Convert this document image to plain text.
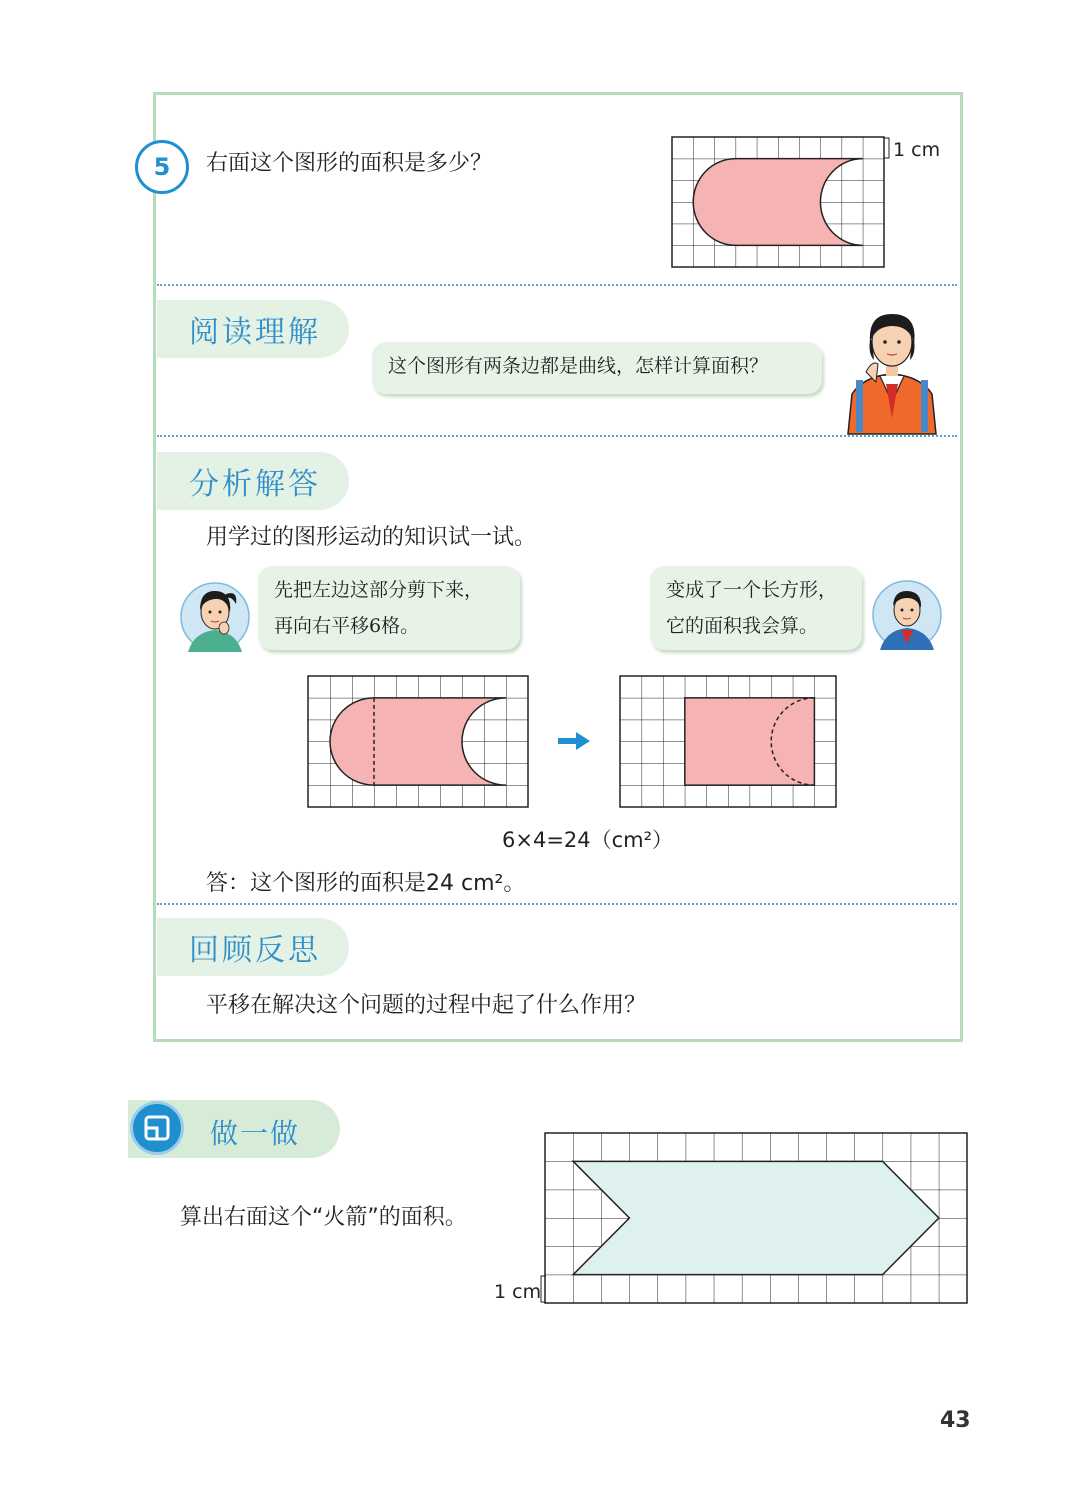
5	右面这个图形的面积是多少？
1 cm
阅读理解
这个图形有两条边都是曲线，怎样计算面积？
分析解答
用学过的图形运动的知识试一试。
先把左边这部分剪下来，
再向右平移6格。
变成了一个长方形，
它的面积我会算。
6×4=24（cm²）
答：这个图形的面积是24 cm²。
回顾反思
平移在解决这个问题的过程中起了什么作用？
做一做
算出右面这个“火箭”的面积。
1 cm
43
